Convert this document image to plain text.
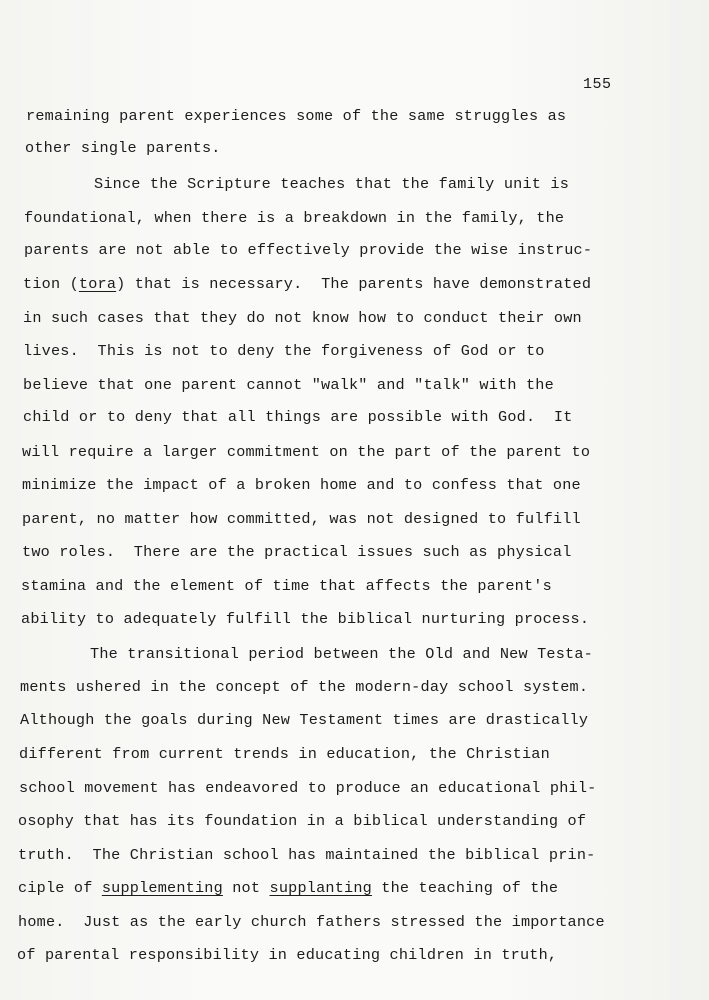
155
remaining parent experiences some of the same struggles as
other single parents.
Since the Scripture teaches that the family unit is
foundational, when there is a breakdown in the family, the
parents are not able to effectively provide the wise instruc-
tion (tora) that is necessary.  The parents have demonstrated
in such cases that they do not know how to conduct their own
lives.  This is not to deny the forgiveness of God or to
believe that one parent cannot "walk" and "talk" with the
child or to deny that all things are possible with God.  It
will require a larger commitment on the part of the parent to
minimize the impact of a broken home and to confess that one
parent, no matter how committed, was not designed to fulfill
two roles.  There are the practical issues such as physical
stamina and the element of time that affects the parent's
ability to adequately fulfill the biblical nurturing process.
The transitional period between the Old and New Testa-
ments ushered in the concept of the modern-day school system.
Although the goals during New Testament times are drastically
different from current trends in education, the Christian
school movement has endeavored to produce an educational phil-
osophy that has its foundation in a biblical understanding of
truth.  The Christian school has maintained the biblical prin-
ciple of supplementing not supplanting the teaching of the
home.  Just as the early church fathers stressed the importance
of parental responsibility in educating children in truth,
